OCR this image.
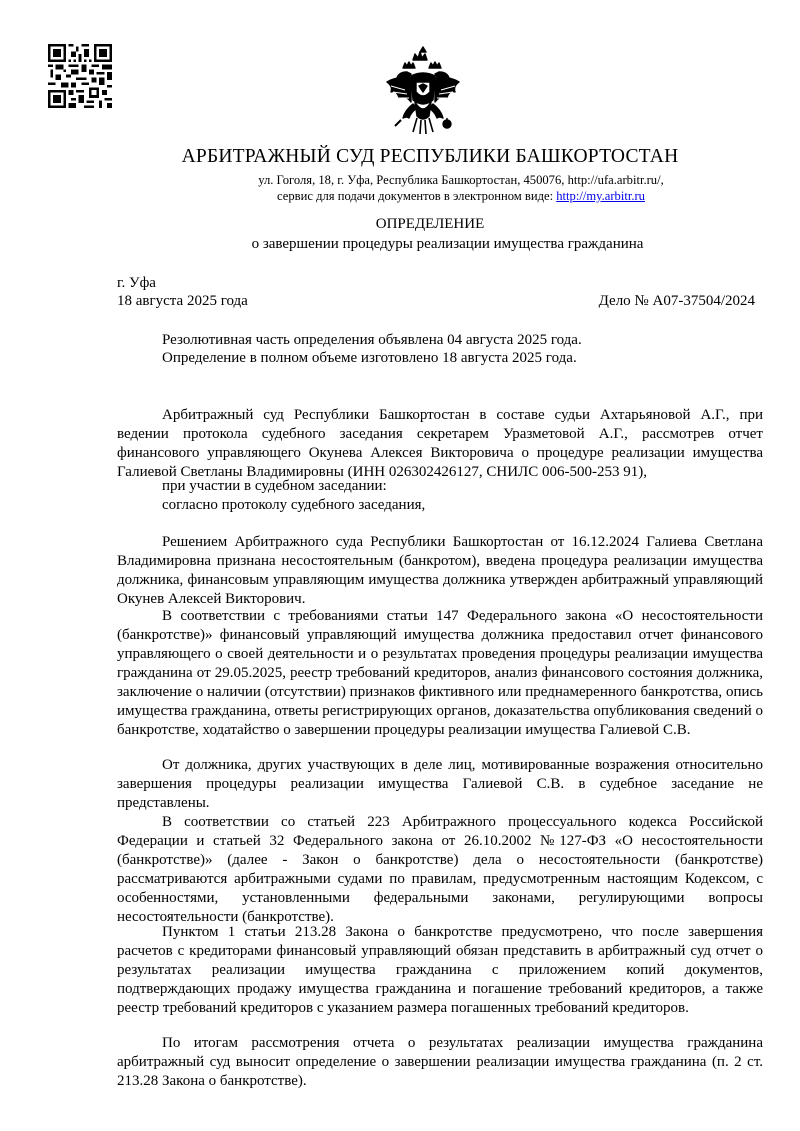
АРБИТРАЖНЫЙ СУД РЕСПУБЛИКИ БАШКОРТОСТАН
ул. Гоголя, 18, г. Уфа, Республика Башкортостан, 450076, http://ufa.arbitr.ru/,
сервис для подачи документов в электронном виде: http://my.arbitr.ru
ОПРЕДЕЛЕНИЕ
о завершении процедуры реализации имущества гражданина
г. Уфа
18 августа 2025 года	Дело № А07-37504/2024
Резолютивная часть определения объявлена 04 августа 2025 года.
Определение в полном объеме изготовлено 18 августа 2025 года.
Арбитражный суд Республики Башкортостан в составе судьи Ахтарьяновой А.Г., при ведении протокола судебного заседания секретарем Уразметовой А.Г., рассмотрев отчет финансового управляющего Окунева Алексея Викторовича о процедуре реализации имущества Галиевой Светланы Владимировны (ИНН 026302426127, СНИЛС 006-500-253 91),
при участии в судебном заседании:
согласно протоколу судебного заседания,
Решением Арбитражного суда Республики Башкортостан от 16.12.2024 Галиева Светлана Владимировна признана несостоятельным (банкротом), введена процедура реализации имущества должника, финансовым управляющим имущества должника утвержден арбитражный управляющий Окунев Алексей Викторович.
В соответствии с требованиями статьи 147 Федерального закона «О несостоятельности (банкротстве)» финансовый управляющий имущества должника предоставил отчет финансового управляющего о своей деятельности и о результатах проведения процедуры реализации имущества гражданина от 29.05.2025, реестр требований кредиторов, анализ финансового состояния должника, заключение о наличии (отсутствии) признаков фиктивного или преднамеренного банкротства, опись имущества гражданина, ответы регистрирующих органов, доказательства опубликования сведений о банкротстве, ходатайство о завершении процедуры реализации имущества Галиевой С.В.
От должника, других участвующих в деле лиц, мотивированные возражения относительно завершения процедуры реализации имущества Галиевой С.В. в судебное заседание не представлены.
В соответствии со статьей 223 Арбитражного процессуального кодекса Российской Федерации и статьей 32 Федерального закона от 26.10.2002 №127-ФЗ «О несостоятельности (банкротстве)» (далее - Закон о банкротстве) дела о несостоятельности (банкротстве) рассматриваются арбитражными судами по правилам, предусмотренным настоящим Кодексом, с особенностями, установленными федеральными законами, регулирующими вопросы несостоятельности (банкротстве).
Пунктом 1 статьи 213.28 Закона о банкротстве предусмотрено, что после завершения расчетов с кредиторами финансовый управляющий обязан представить в арбитражный суд отчет о результатах реализации имущества гражданина с приложением копий документов, подтверждающих продажу имущества гражданина и погашение требований кредиторов, а также реестр требований кредиторов с указанием размера погашенных требований кредиторов.
По итогам рассмотрения отчета о результатах реализации имущества гражданина арбитражный суд выносит определение о завершении реализации имущества гражданина (п. 2 ст. 213.28 Закона о банкротстве).
